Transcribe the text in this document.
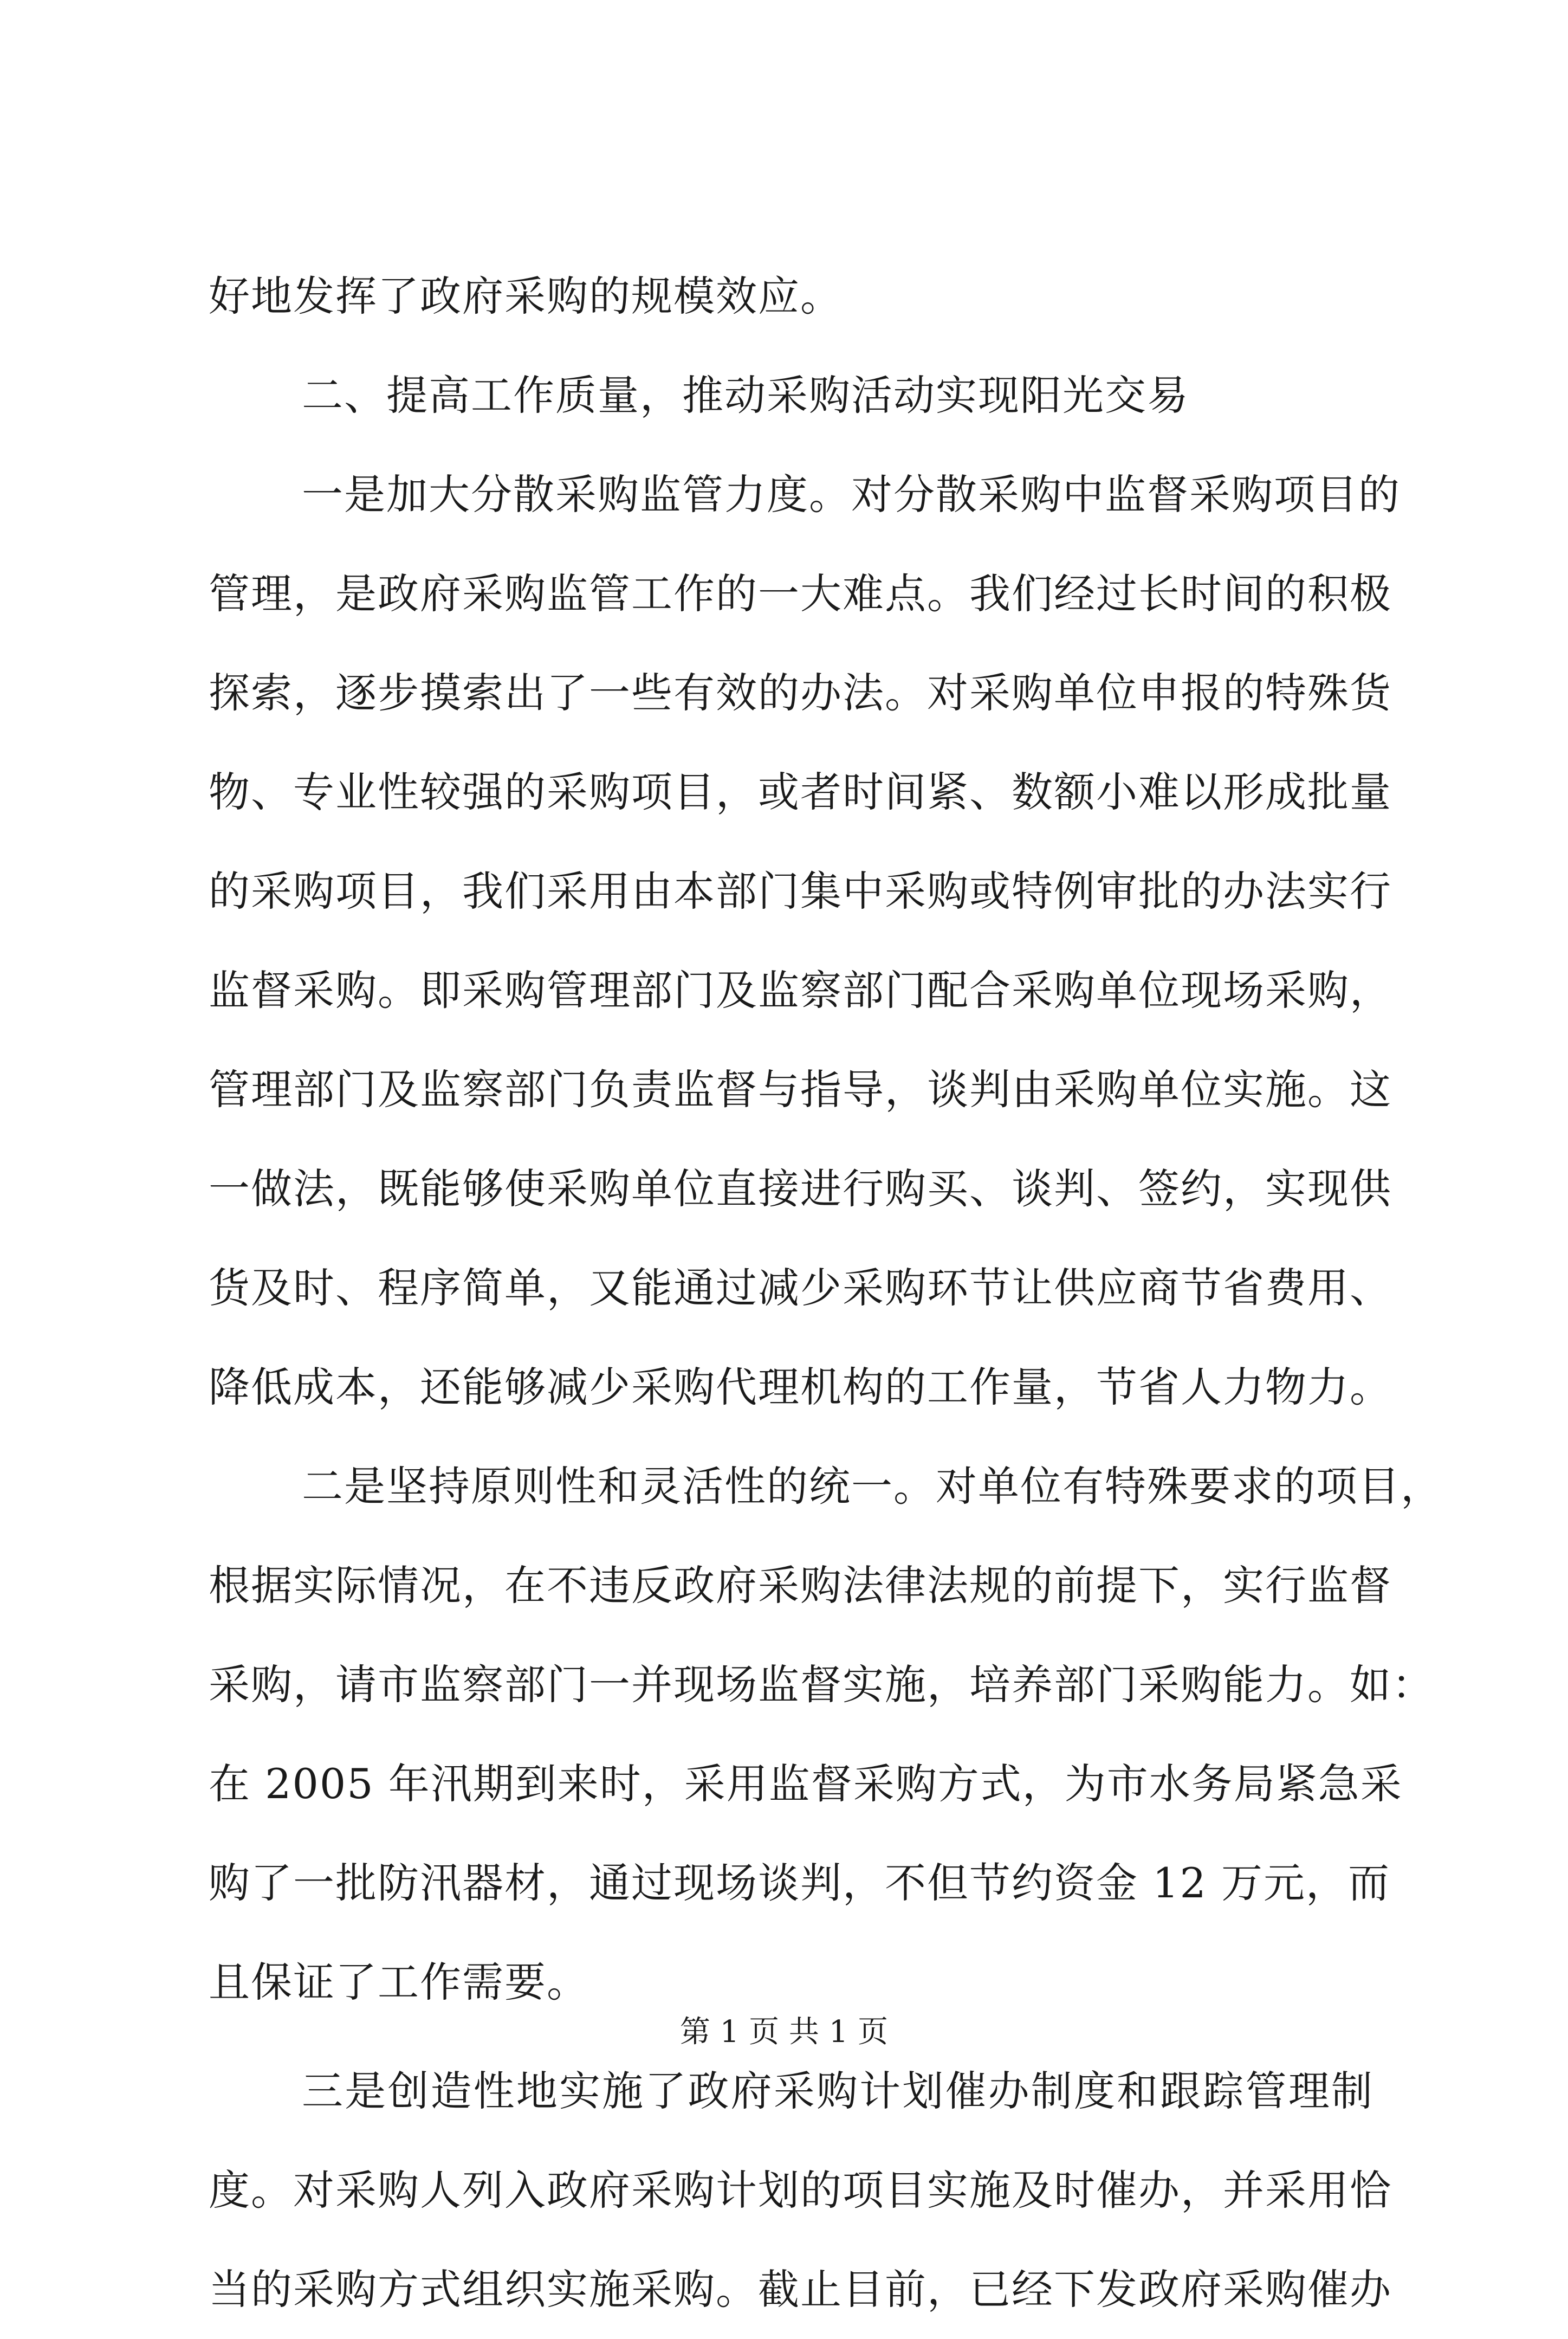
好地发挥了政府采购的规模效应。
二、提高工作质量，推动采购活动实现阳光交易
一是加大分散采购监管力度。对分散采购中监督采购项目的
管理，是政府采购监管工作的一大难点。我们经过长时间的积极
探索，逐步摸索出了一些有效的办法。对采购单位申报的特殊货
物、专业性较强的采购项目，或者时间紧、数额小难以形成批量
的采购项目，我们采用由本部门集中采购或特例审批的办法实行
监督采购。即采购管理部门及监察部门配合采购单位现场采购，
管理部门及监察部门负责监督与指导，谈判由采购单位实施。这
一做法，既能够使采购单位直接进行购买、谈判、签约，实现供
货及时、程序简单，又能通过减少采购环节让供应商节省费用、
降低成本，还能够减少采购代理机构的工作量，节省人力物力。
二是坚持原则性和灵活性的统一。对单位有特殊要求的项目，
根据实际情况，在不违反政府采购法律法规的前提下，实行监督
采购，请市监察部门一并现场监督实施，培养部门采购能力。如：
在 2005 年汛期到来时，采用监督采购方式，为市水务局紧急采
购了一批防汛器材，通过现场谈判，不但节约资金 12 万元，而
且保证了工作需要。
三是创造性地实施了政府采购计划催办制度和跟踪管理制
度。对采购人列入政府采购计划的项目实施及时催办，并采用恰
当的采购方式组织实施采购。截止目前，已经下发政府采购催办
第 1 页 共 1 页
